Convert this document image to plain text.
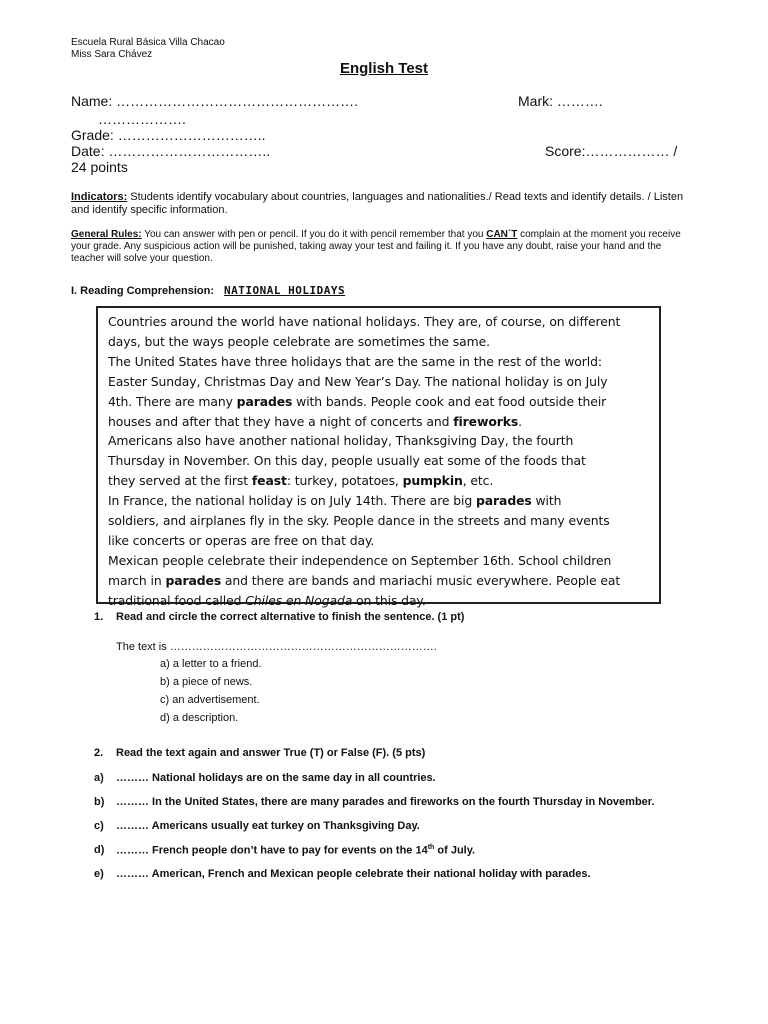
Escuela Rural Básica Villa Chacao
Miss Sara Chávez
English Test
Name: …………………………………………….
……………….
Mark: ……….
Grade: …………………………..
Date: ……………………………..	Score:……………… /
24 points
Indicators: Students identify vocabulary about countries, languages and nationalities./ Read texts and identify details. / Listen and identify specific information.
General Rules: You can answer with pen or pencil. If you do it with pencil remember that you CAN´T complain at the moment you receive your grade. Any suspicious action will be punished, taking away your test and failing it. If you have any doubt, raise your hand and the teacher will solve your question.
I. Reading Comprehension: NATIONAL HOLIDAYS
Countries around the world have national holidays. They are, of course, on different
days, but the ways people celebrate are sometimes the same.
The United States have three holidays that are the same in the rest of the world:
Easter Sunday, Christmas Day and New Year’s Day. The national holiday is on July
4th. There are many parades with bands. People cook and eat food outside their
houses and after that they have a night of concerts and fireworks.
Americans also have another national holiday, Thanksgiving Day, the fourth
Thursday in November. On this day, people usually eat some of the foods that
they served at the first feast: turkey, potatoes, pumpkin, etc.
In France, the national holiday is on July 14th. There are big parades with
soldiers, and airplanes fly in the sky. People dance in the streets and many events
like concerts or operas are free on that day.
Mexican people celebrate their independence on September 16th. School children
march in parades and there are bands and mariachi music everywhere. People eat
traditional food called Chiles en Nogada on this day.
1. Read and circle the correct alternative to finish the sentence. (1 pt)
The text is ……………………………………………………………….
a) a letter to a friend.
b) a piece of news.
c) an advertisement.
d) a description.
2. Read the text again and answer True (T) or False (F). (5 pts)
a) ……… National holidays are on the same day in all countries.
b) ……… In the United States, there are many parades and fireworks on the fourth Thursday in November.
c) ……… Americans usually eat turkey on Thanksgiving Day.
d) ……… French people don’t have to pay for events on the 14th of July.
e) ……… American, French and Mexican people celebrate their national holiday with parades.
